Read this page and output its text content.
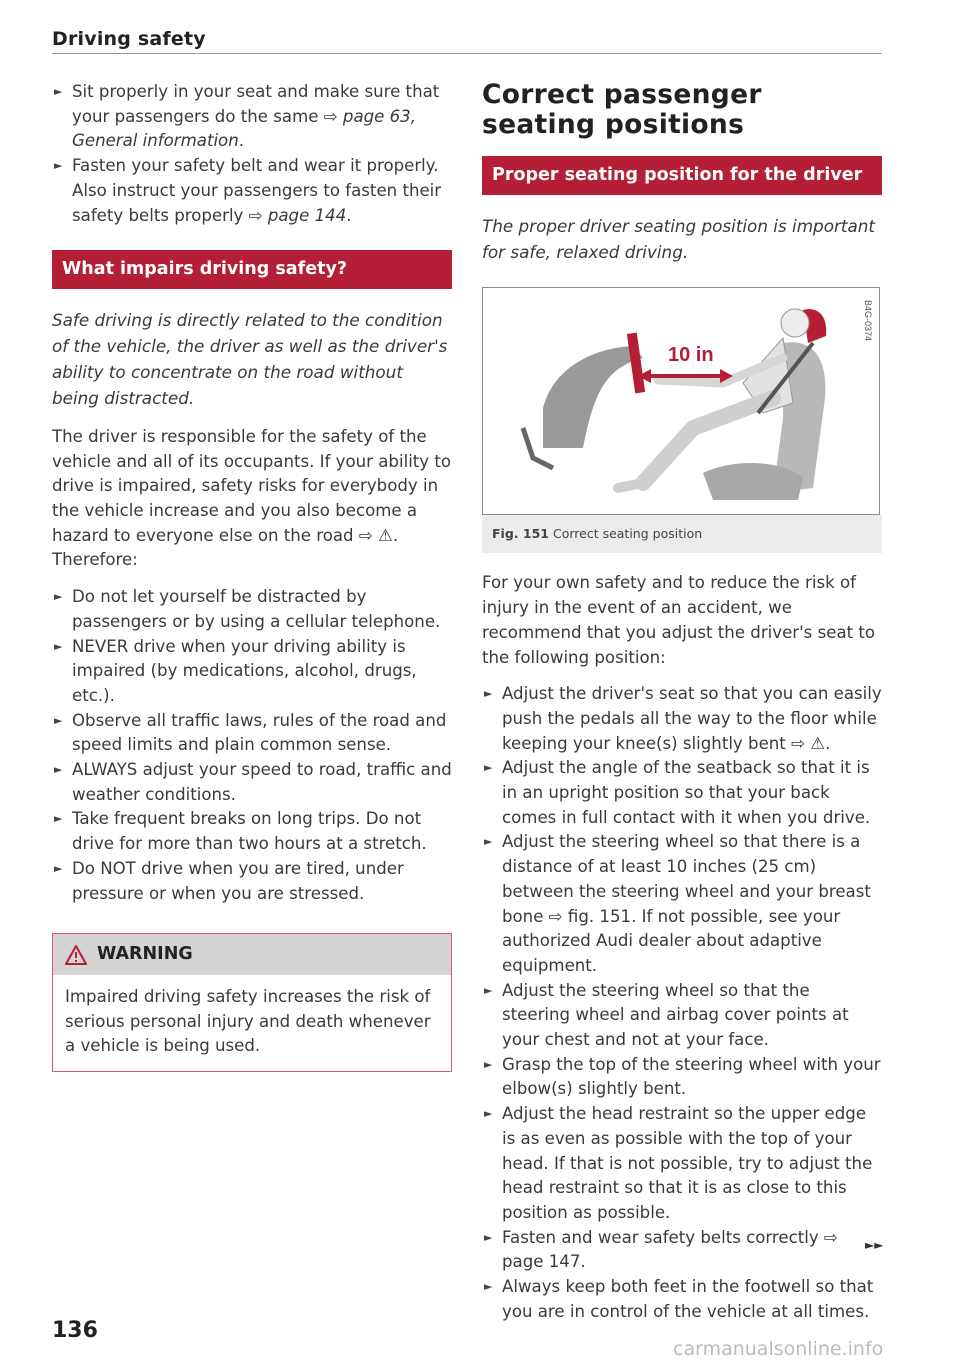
Driving safety
► Sit properly in your seat and make sure that your passengers do the same ⇨ page 63, General information.
► Fasten your safety belt and wear it properly. Also instruct your passengers to fasten their safety belts properly ⇨ page 144.
What impairs driving safety?

Safe driving is directly related to the condition of the vehicle, the driver as well as the driver's ability to concentrate on the road without being distracted.

The driver is responsible for the safety of the vehicle and all of its occupants. If your ability to drive is impaired, safety risks for everybody in the vehicle increase and you also become a hazard to everyone else on the road ⇨ ⚠. Therefore:

► Do not let yourself be distracted by passengers or by using a cellular telephone.
► NEVER drive when your driving ability is impaired (by medications, alcohol, drugs, etc.).
► Observe all traffic laws, rules of the road and speed limits and plain common sense.
► ALWAYS adjust your speed to road, traffic and weather conditions.
► Take frequent breaks on long trips. Do not drive for more than two hours at a stretch.
► Do NOT drive when you are tired, under pressure or when you are stressed.
WARNING
Impaired driving safety increases the risk of serious personal injury and death whenever a vehicle is being used.
Correct passenger seating positions
Proper seating position for the driver

The proper driver seating position is important for safe, relaxed driving.

10 in
B4G-0374
Fig. 151 Correct seating position

For your own safety and to reduce the risk of injury in the event of an accident, we recommend that you adjust the driver's seat to the following position:

► Adjust the driver's seat so that you can easily push the pedals all the way to the floor while keeping your knee(s) slightly bent ⇨ ⚠.
► Adjust the angle of the seatback so that it is in an upright position so that your back comes in full contact with it when you drive.
► Adjust the steering wheel so that there is a distance of at least 10 inches (25 cm) between the steering wheel and your breast bone ⇨ fig. 151. If not possible, see your authorized Audi dealer about adaptive equipment.
► Adjust the steering wheel so that the steering wheel and airbag cover points at your chest and not at your face.
► Grasp the top of the steering wheel with your elbow(s) slightly bent.
► Adjust the head restraint so the upper edge is as even as possible with the top of your head. If that is not possible, try to adjust the head restraint so that it is as close to this position as possible.
► Fasten and wear safety belts correctly ⇨ page 147.
► Always keep both feet in the footwell so that you are in control of the vehicle at all times.
►►
136
carmanualsonline.info
